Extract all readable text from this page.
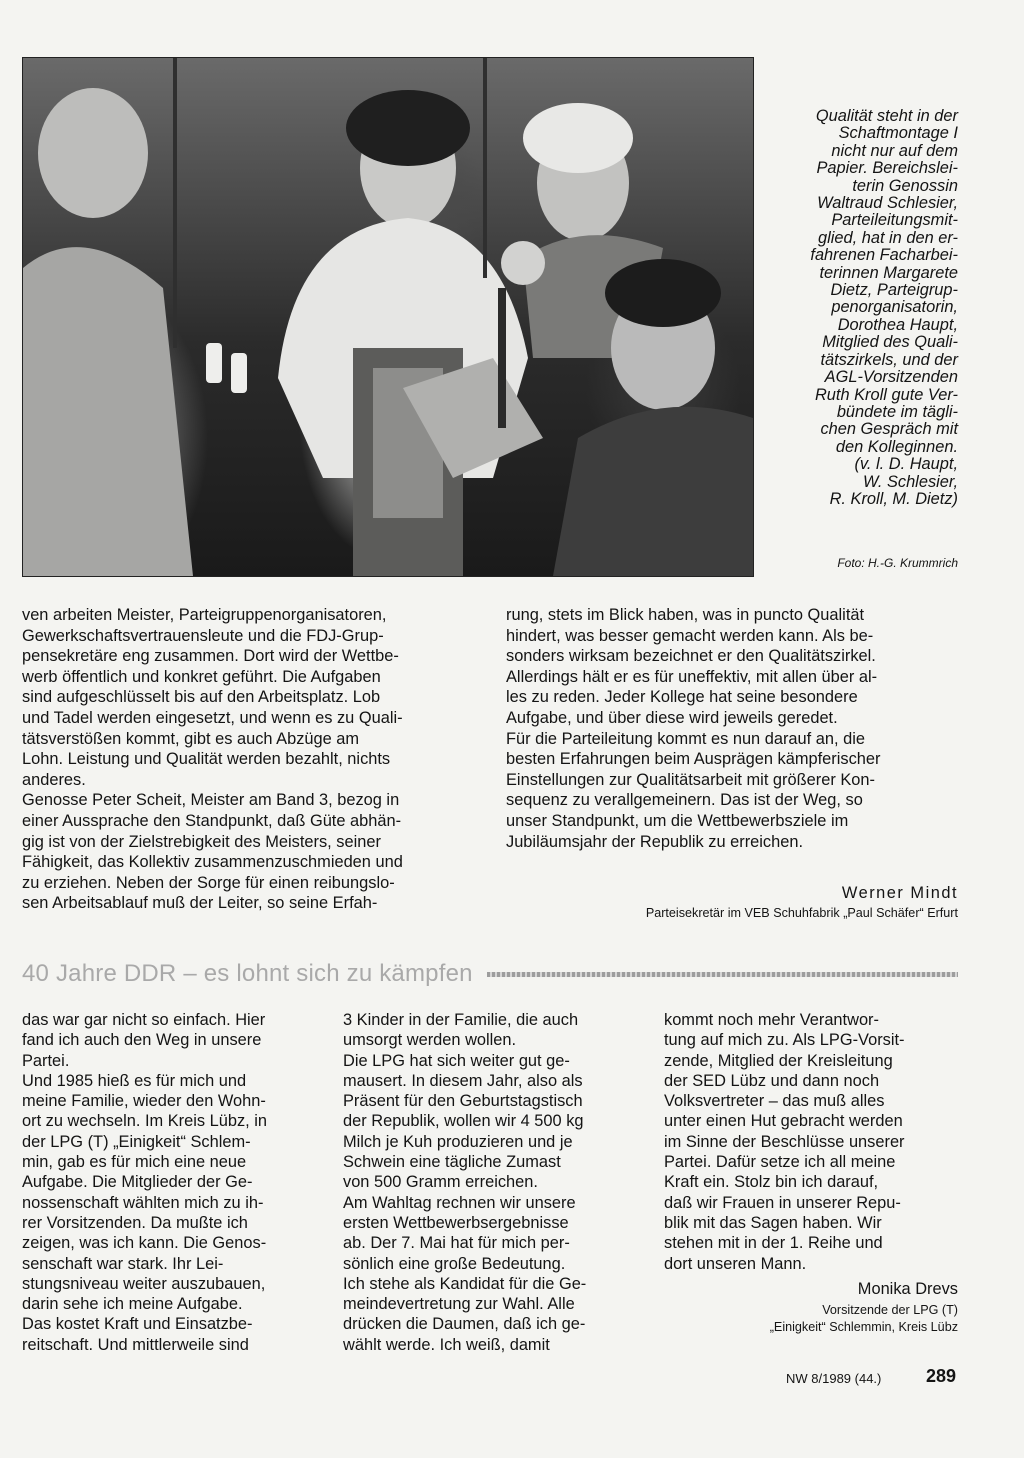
Qualität steht in der
Schaftmontage I
nicht nur auf dem
Papier. Bereichslei-
terin Genossin
Waltraud Schlesier,
Parteileitungsmit-
glied, hat in den er-
fahrenen Facharbei-
terinnen Margarete
Dietz, Parteigrup-
penorganisatorin,
Dorothea Haupt,
Mitglied des Quali-
tätszirkels, und der
AGL-Vorsitzenden
Ruth Kroll gute Ver-
bündete im tägli-
chen Gespräch mit
den Kolleginnen.
(v. l. D. Haupt,
W. Schlesier,
R. Kroll, M. Dietz)

Foto: H.-G. Krummrich

ven arbeiten Meister, Parteigruppenorganisatoren,
Gewerkschaftsvertrauensleute und die FDJ-Grup-
pensekretäre eng zusammen. Dort wird der Wettbe-
werb öffentlich und konkret geführt. Die Aufgaben
sind aufgeschlüsselt bis auf den Arbeitsplatz. Lob
und Tadel werden eingesetzt, und wenn es zu Quali-
tätsverstößen kommt, gibt es auch Abzüge am
Lohn. Leistung und Qualität werden bezahlt, nichts
anderes.
Genosse Peter Scheit, Meister am Band 3, bezog in
einer Aussprache den Standpunkt, daß Güte abhän-
gig ist von der Zielstrebigkeit des Meisters, seiner
Fähigkeit, das Kollektiv zusammenzuschmieden und
zu erziehen. Neben der Sorge für einen reibungslo-
sen Arbeitsablauf muß der Leiter, so seine Erfah-

rung, stets im Blick haben, was in puncto Qualität
hindert, was besser gemacht werden kann. Als be-
sonders wirksam bezeichnet er den Qualitätszirkel.
Allerdings hält er es für uneffektiv, mit allen über al-
les zu reden. Jeder Kollege hat seine besondere
Aufgabe, und über diese wird jeweils geredet.
Für die Parteileitung kommt es nun darauf an, die
besten Erfahrungen beim Ausprägen kämpferischer
Einstellungen zur Qualitätsarbeit mit größerer Kon-
sequenz zu verallgemeinern. Das ist der Weg, so
unser Standpunkt, um die Wettbewerbsziele im
Jubiläumsjahr der Republik zu erreichen.

Werner Mindt

Parteisekretär im VEB Schuhfabrik „Paul Schäfer“ Erfurt

40 Jahre DDR – es lohnt sich zu kämpfen

das war gar nicht so einfach. Hier
fand ich auch den Weg in unsere
Partei.
Und 1985 hieß es für mich und
meine Familie, wieder den Wohn-
ort zu wechseln. Im Kreis Lübz, in
der LPG (T) „Einigkeit“ Schlem-
min, gab es für mich eine neue
Aufgabe. Die Mitglieder der Ge-
nossenschaft wählten mich zu ih-
rer Vorsitzenden. Da mußte ich
zeigen, was ich kann. Die Genos-
senschaft war stark. Ihr Lei-
stungsniveau weiter auszubauen,
darin sehe ich meine Aufgabe.
Das kostet Kraft und Einsatzbe-
reitschaft. Und mittlerweile sind

3 Kinder in der Familie, die auch
umsorgt werden wollen.
Die LPG hat sich weiter gut ge-
mausert. In diesem Jahr, also als
Präsent für den Geburtstagstisch
der Republik, wollen wir 4 500 kg
Milch je Kuh produzieren und je
Schwein eine tägliche Zumast
von 500 Gramm erreichen.
Am Wahltag rechnen wir unsere
ersten Wettbewerbsergebnisse
ab. Der 7. Mai hat für mich per-
sönlich eine große Bedeutung.
Ich stehe als Kandidat für die Ge-
meindevertretung zur Wahl. Alle
drücken die Daumen, daß ich ge-
wählt werde. Ich weiß, damit

kommt noch mehr Verantwor-
tung auf mich zu. Als LPG-Vorsit-
zende, Mitglied der Kreisleitung
der SED Lübz und dann noch
Volksvertreter – das muß alles
unter einen Hut gebracht werden
im Sinne der Beschlüsse unserer
Partei. Dafür setze ich all meine
Kraft ein. Stolz bin ich darauf,
daß wir Frauen in unserer Repu-
blik mit das Sagen haben. Wir
stehen mit in der 1. Reihe und
dort unseren Mann.

Monika Drevs

Vorsitzende der LPG (T)
„Einigkeit“ Schlemmin, Kreis Lübz

NW 8/1989 (44.) 289
